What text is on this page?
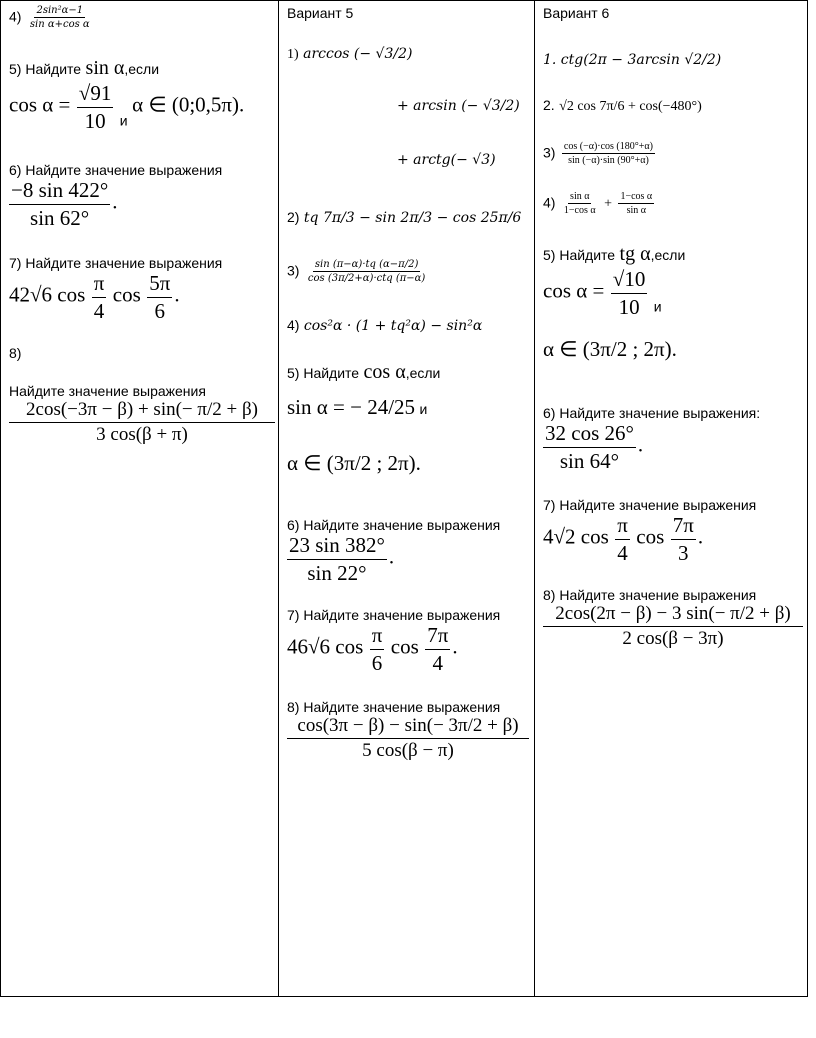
$4) \frac{\text{2sin²α−1}}{\text{sin α+cos α}}$
5) Найдите sin α,если
$\cos \alpha = \frac{√91}{10}$ и α ∈ (0;0,5π).
6) Найдите значение выражения
$\frac{-8 \sin 422^\circ}{\sin 62^\circ}$ .
7) Найдите значение выражения
42√6 $\cos \frac{\pi}{4}$ $\cos \frac{5\pi}{6}$ .
8)
Найдите значение выражения
$\frac{2\cos(-3\pi - \beta) + \sin(- \pi/2 + \beta)}{3 \cos(\beta + \pi)}$
Вариант 5
1) arccos (− √3/2)
+ arcsin (− √3/2)
+ arctg(− √3)
2) tq 7π/3 − sin 2π/3 − cos 25π/6
$3) \frac{\sin (\pi-\alpha)\cdot tq (\alpha-\pi/2)}{\text{cos (3π/2+α)·ctq (π−α)}}$
4) cos²α · (1 + tq²α) − sin²α
5) Найдите cos α,если
sin α = − 24/25 и
α ∈ (3π/2 ; 2π).
6) Найдите значение выражения
$\frac{23 \sin 382^\circ}{\sin 22^\circ}$ .
7) Найдите значение выражения
46√6 $\cos \frac{\pi}{6}$ $\cos \frac{7\pi}{4}$ .
8) Найдите значение выражения
$\frac{\cos(3\pi - \beta) - \sin(- 3\pi/2 + \beta)}{5 \cos(\beta - \pi)}$
Вариант 6
1. ctg(2π − 3arcsin √2/2)
2. √2 cos 7π/6 + cos(−480°)
$3) \frac{\cos (-\alpha)\cdot\cos (180^\circ+\alpha)}{\sin (-\alpha)\cdot\sin (90^\circ+\alpha)}$
$4) \frac{\text{sin α}}{\text{1−cos α}} + \frac{\text{1−cos α}}{\text{sin α}}$
5) Найдите tg α,если
$\cos \alpha = \frac{√10}{10}$ и
α ∈ (3π/2 ; 2π).
6) Найдите значение выражения:
$\frac{32 \cos 26^\circ}{\sin 64^\circ}$ .
7) Найдите значение выражения
4√2 $\cos \frac{\pi}{4}$ $\cos \frac{7\pi}{3}$ .
8) Найдите значение выражения
$\frac{2\cos(2\pi - \beta) - 3 \sin(- \pi/2 + \beta)}{2 \cos(\beta - 3\pi)}$
